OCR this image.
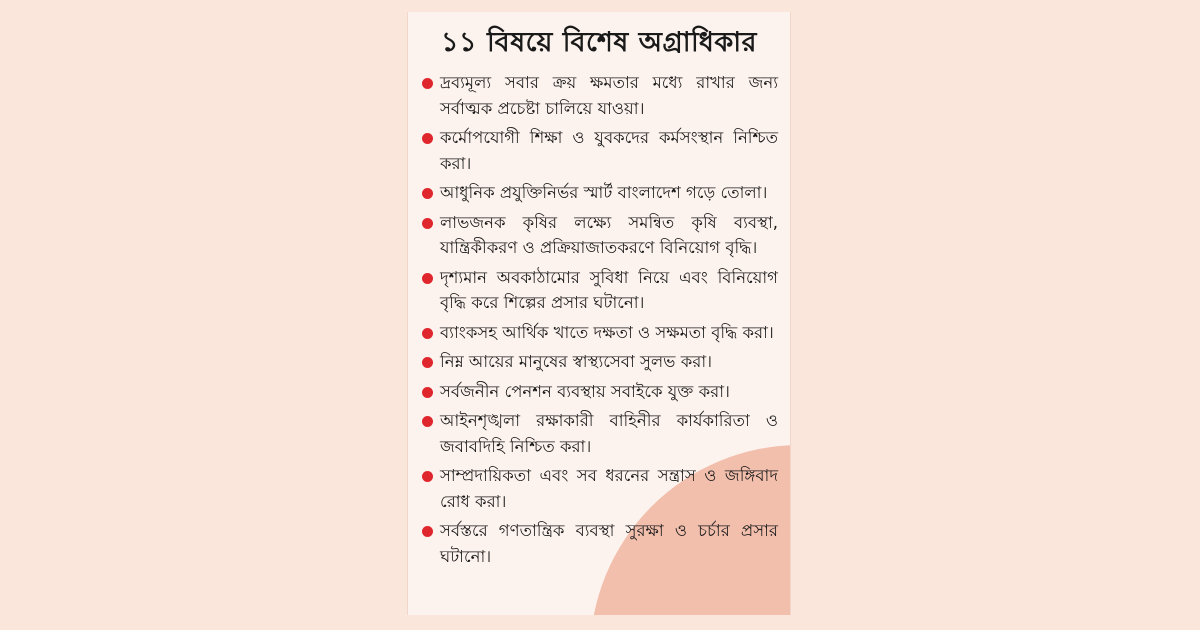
১১ বিষয়ে বিশেষ অগ্রাধিকার
দ্রব্যমূল্য সবার ক্রয় ক্ষমতার মধ্যে রাখার জন্য সর্বাত্মক প্রচেষ্টা চালিয়ে যাওয়া।
কর্মোপযোগী শিক্ষা ও যুবকদের কর্মসংস্থান নিশ্চিত করা।
আধুনিক প্রযুক্তিনির্ভর স্মার্ট বাংলাদেশ গড়ে তোলা।
লাভজনক কৃষির লক্ষ্যে সমন্বিত কৃষি ব্যবস্থা, যান্ত্রিকীকরণ ও প্রক্রিয়াজাতকরণে বিনিয়োগ বৃদ্ধি।
দৃশ্যমান অবকাঠামোর সুবিধা নিয়ে এবং বিনিয়োগ বৃদ্ধি করে শিল্পের প্রসার ঘটানো।
ব্যাংকসহ আর্থিক খাতে দক্ষতা ও সক্ষমতা বৃদ্ধি করা।
নিম্ন আয়ের মানুষের স্বাস্থ্যসেবা সুলভ করা।
সর্বজনীন পেনশন ব্যবস্থায় সবাইকে যুক্ত করা।
আইনশৃঙ্খলা রক্ষাকারী বাহিনীর কার্যকারিতা ও জবাবদিহি নিশ্চিত করা।
সাম্প্রদায়িকতা এবং সব ধরনের সন্ত্রাস ও জঙ্গিবাদ রোধ করা।
সর্বস্তরে গণতান্ত্রিক ব্যবস্থা সুরক্ষা ও চর্চার প্রসার ঘটানো।
